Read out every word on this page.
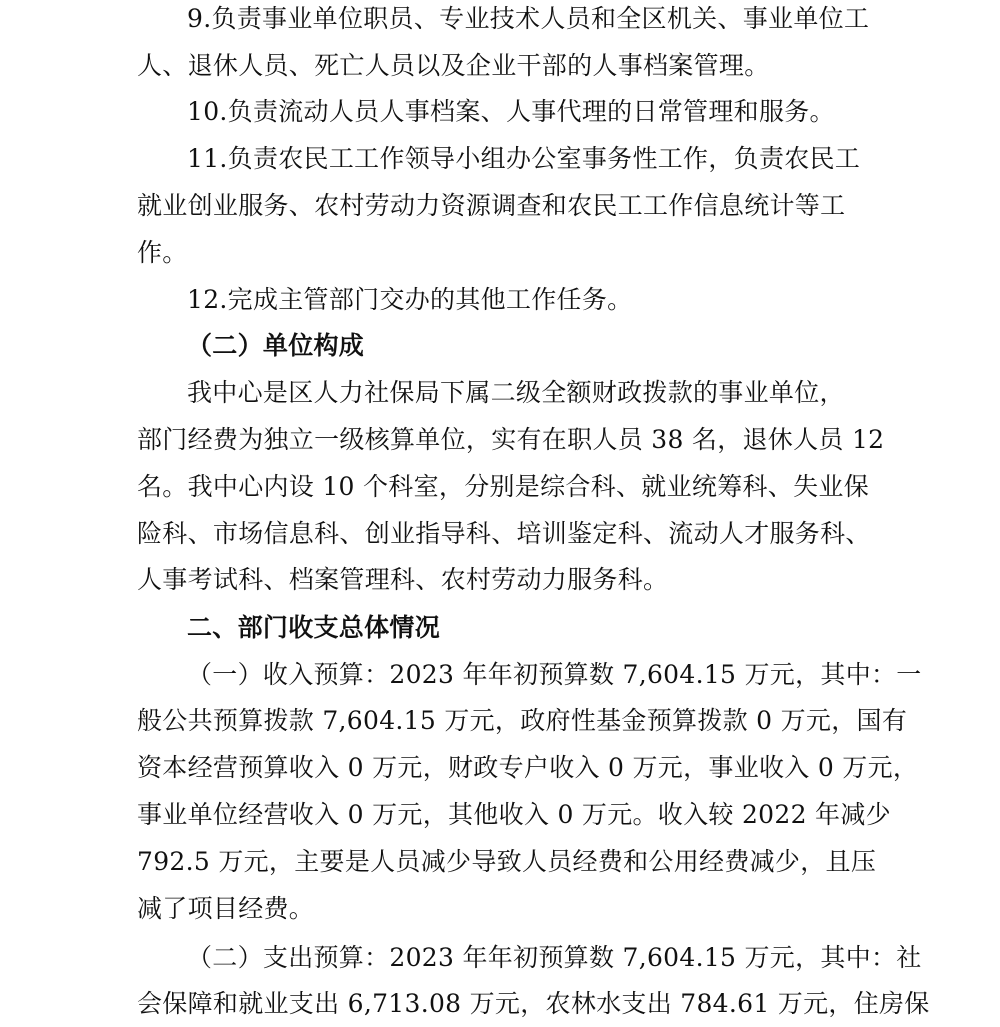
9.负责事业单位职员、专业技术人员和全区机关、事业单位工
人、退休人员、死亡人员以及企业干部的人事档案管理。
10.负责流动人员人事档案、人事代理的日常管理和服务。
11.负责农民工工作领导小组办公室事务性工作，负责农民工
就业创业服务、农村劳动力资源调查和农民工工作信息统计等工
作。
12.完成主管部门交办的其他工作任务。
（二）单位构成
我中心是区人力社保局下属二级全额财政拨款的事业单位，
部门经费为独立一级核算单位，实有在职人员 38 名，退休人员 12
名。我中心内设 10 个科室，分别是综合科、就业统筹科、失业保
险科、市场信息科、创业指导科、培训鉴定科、流动人才服务科、
人事考试科、档案管理科、农村劳动力服务科。
二、部门收支总体情况
（一）收入预算：2023 年年初预算数 7,604.15 万元，其中：一
般公共预算拨款 7,604.15 万元，政府性基金预算拨款 0 万元，国有
资本经营预算收入 0 万元，财政专户收入 0 万元，事业收入 0 万元，
事业单位经营收入 0 万元，其他收入 0 万元。收入较 2022 年减少
792.5 万元，主要是人员减少导致人员经费和公用经费减少，且压
减了项目经费。
（二）支出预算：2023 年年初预算数 7,604.15 万元，其中：社
会保障和就业支出 6,713.08 万元，农林水支出 784.61 万元，住房保
